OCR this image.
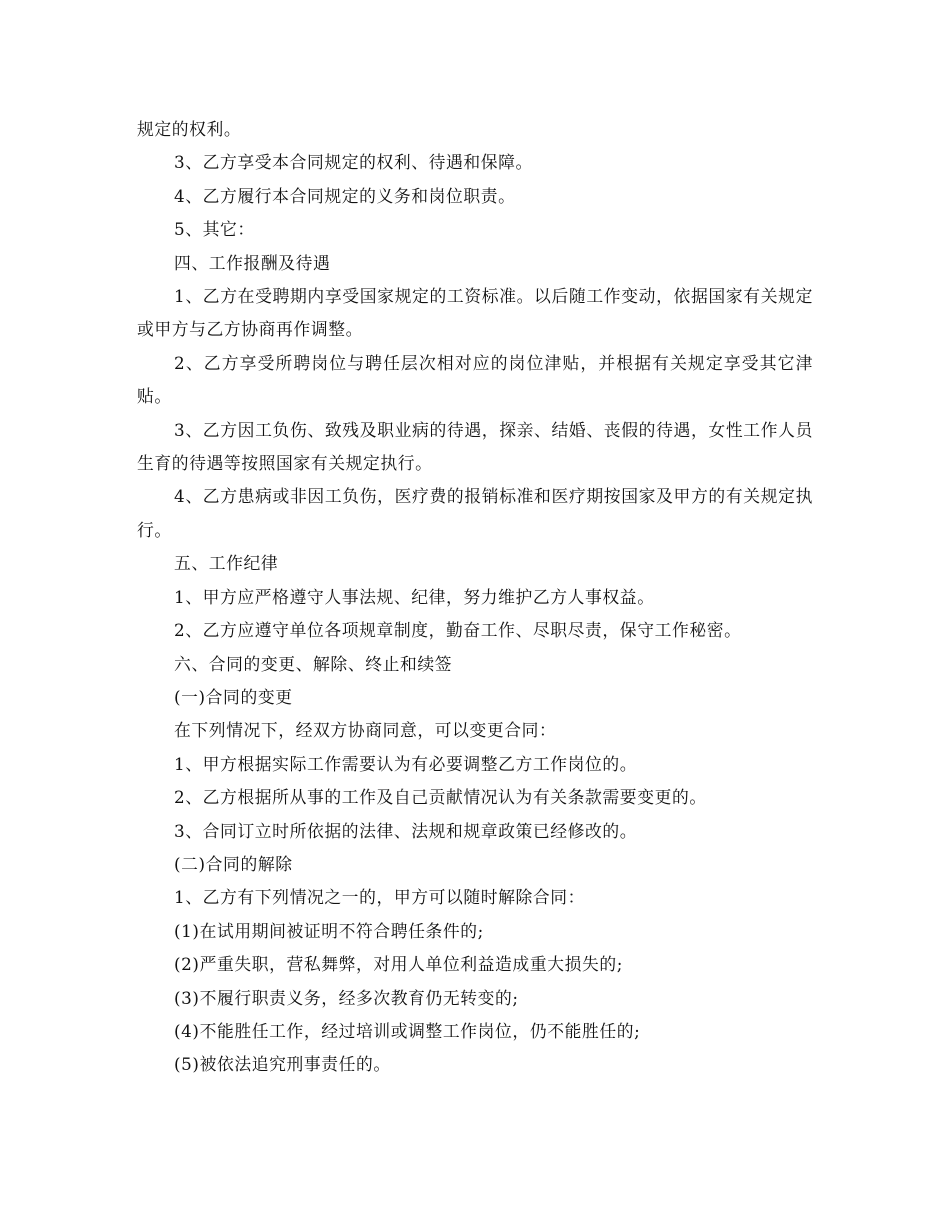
规定的权利。

3、乙方享受本合同规定的权利、待遇和保障。

4、乙方履行本合同规定的义务和岗位职责。

5、其它：

四、工作报酬及待遇

1、乙方在受聘期内享受国家规定的工资标准。以后随工作变动，依据国家有关规定或甲方与乙方协商再作调整。

2、乙方享受所聘岗位与聘任层次相对应的岗位津贴，并根据有关规定享受其它津贴。

3、乙方因工负伤、致残及职业病的待遇，探亲、结婚、丧假的待遇，女性工作人员生育的待遇等按照国家有关规定执行。

4、乙方患病或非因工负伤，医疗费的报销标准和医疗期按国家及甲方的有关规定执行。

五、工作纪律

1、甲方应严格遵守人事法规、纪律，努力维护乙方人事权益。

2、乙方应遵守单位各项规章制度，勤奋工作、尽职尽责，保守工作秘密。

六、合同的变更、解除、终止和续签

(一)合同的变更

在下列情况下，经双方协商同意，可以变更合同：

1、甲方根据实际工作需要认为有必要调整乙方工作岗位的。

2、乙方根据所从事的工作及自己贡献情况认为有关条款需要变更的。

3、合同订立时所依据的法律、法规和规章政策已经修改的。

(二)合同的解除

1、乙方有下列情况之一的，甲方可以随时解除合同：

(1)在试用期间被证明不符合聘任条件的;

(2)严重失职，营私舞弊，对用人单位利益造成重大损失的;

(3)不履行职责义务，经多次教育仍无转变的;

(4)不能胜任工作，经过培训或调整工作岗位，仍不能胜任的;

(5)被依法追究刑事责任的。
